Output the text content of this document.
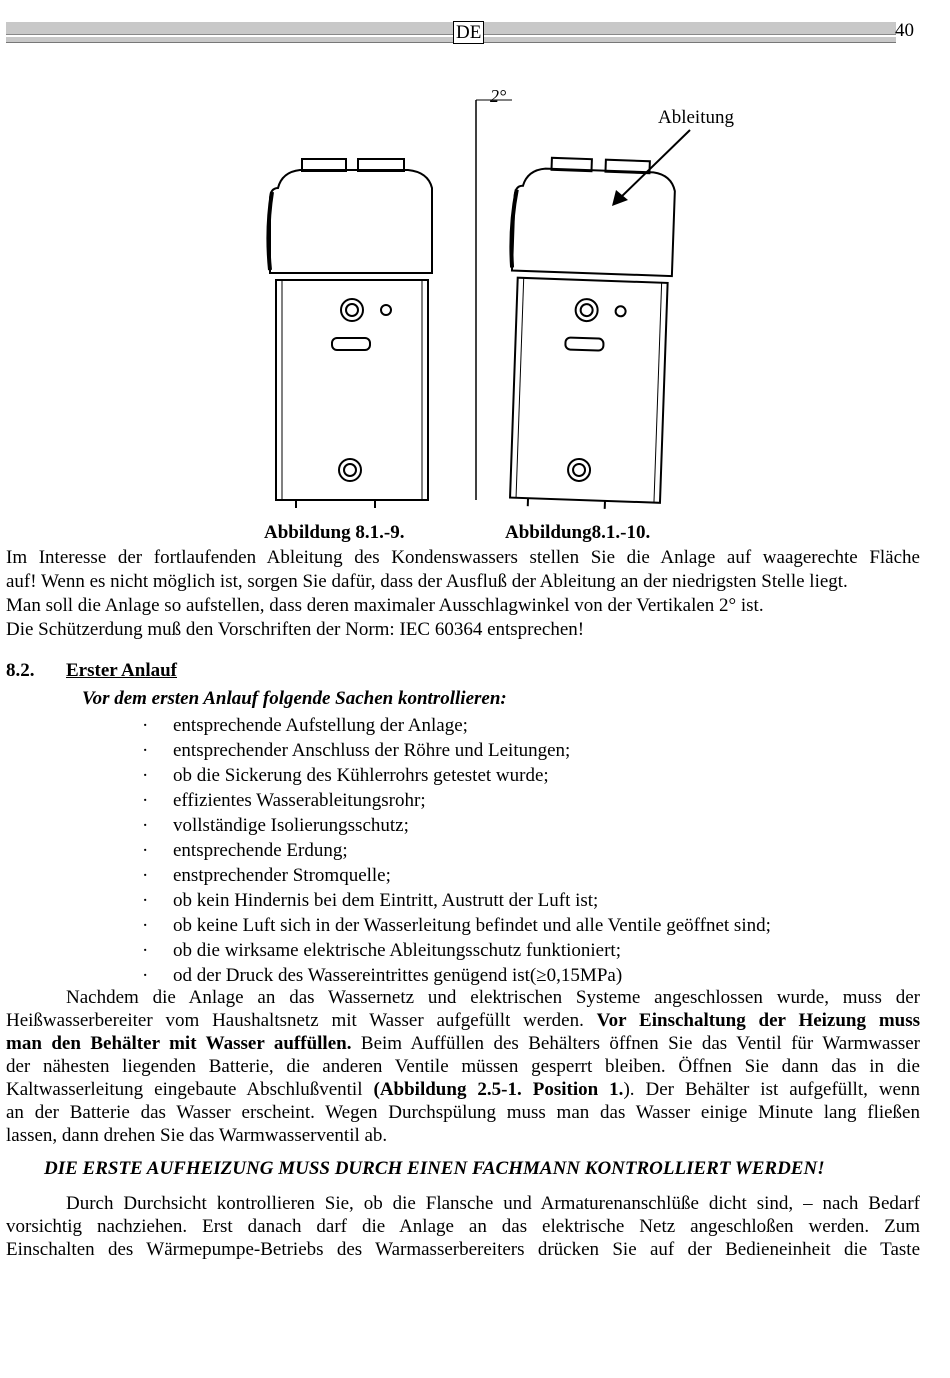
DE	40
2°
Ableitung
Abbildung 8.1.-9.	Abbildung8.1.-10.
Im Interesse der fortlaufenden Ableitung des Kondenswassers stellen Sie die Anlage auf waagerechte Fläche
auf! Wenn es nicht möglich ist, sorgen Sie dafür, dass der Ausfluß der Ableitung an der niedrigsten Stelle liegt.
Man soll die Anlage so aufstellen, dass deren maximaler Ausschlagwinkel von der Vertikalen 2° ist.
Die Schützerdung muß den Vorschriften der Norm: IEC 60364 entsprechen!
8.2. Erster Anlauf
Vor dem ersten Anlauf folgende Sachen kontrollieren:
· entsprechende Aufstellung der Anlage;
· entsprechender Anschluss der Röhre und Leitungen;
· ob die Sickerung des Kühlerrohrs getestet wurde;
· effizientes Wasserableitungsrohr;
· vollständige Isolierungsschutz;
· entsprechende Erdung;
· enstprechender Stromquelle;
· ob kein Hindernis bei dem Eintritt, Austrutt der Luft ist;
· ob keine Luft sich in der Wasserleitung befindet und alle Ventile geöffnet sind;
· ob die wirksame elektrische Ableitungsschutz funktioniert;
· od der Druck des Wassereintrittes genügend ist(≥0,15MPa)
Nachdem die Anlage an das Wassernetz und elektrischen Systeme angeschlossen wurde, muss der
Heißwasserbereiter vom Haushaltsnetz mit Wasser aufgefüllt werden. Vor Einschaltung der Heizung muss
man den Behälter mit Wasser auffüllen. Beim Auffüllen des Behälters öffnen Sie das Ventil für Warmwasser
der nähesten liegenden Batterie, die anderen Ventile müssen gesperrt bleiben. Öffnen Sie dann das in die
Kaltwasserleitung eingebaute Abschlußventil (Abbildung 2.5-1. Position 1.). Der Behälter ist aufgefüllt, wenn
an der Batterie das Wasser erscheint. Wegen Durchspülung muss man das Wasser einige Minute lang fließen
lassen, dann drehen Sie das Warmwasserventil ab.
DIE ERSTE AUFHEIZUNG MUSS DURCH EINEN FACHMANN KONTROLLIERT WERDEN!
Durch Durchsicht kontrollieren Sie, ob die Flansche und Armaturenanschlüße dicht sind, – nach Bedarf
vorsichtig nachziehen. Erst danach darf die Anlage an das elektrische Netz angeschloßen werden. Zum
Einschalten des Wärmepumpe-Betriebs des Warmasserbereiters drücken Sie auf der Bedieneinheit die Taste
